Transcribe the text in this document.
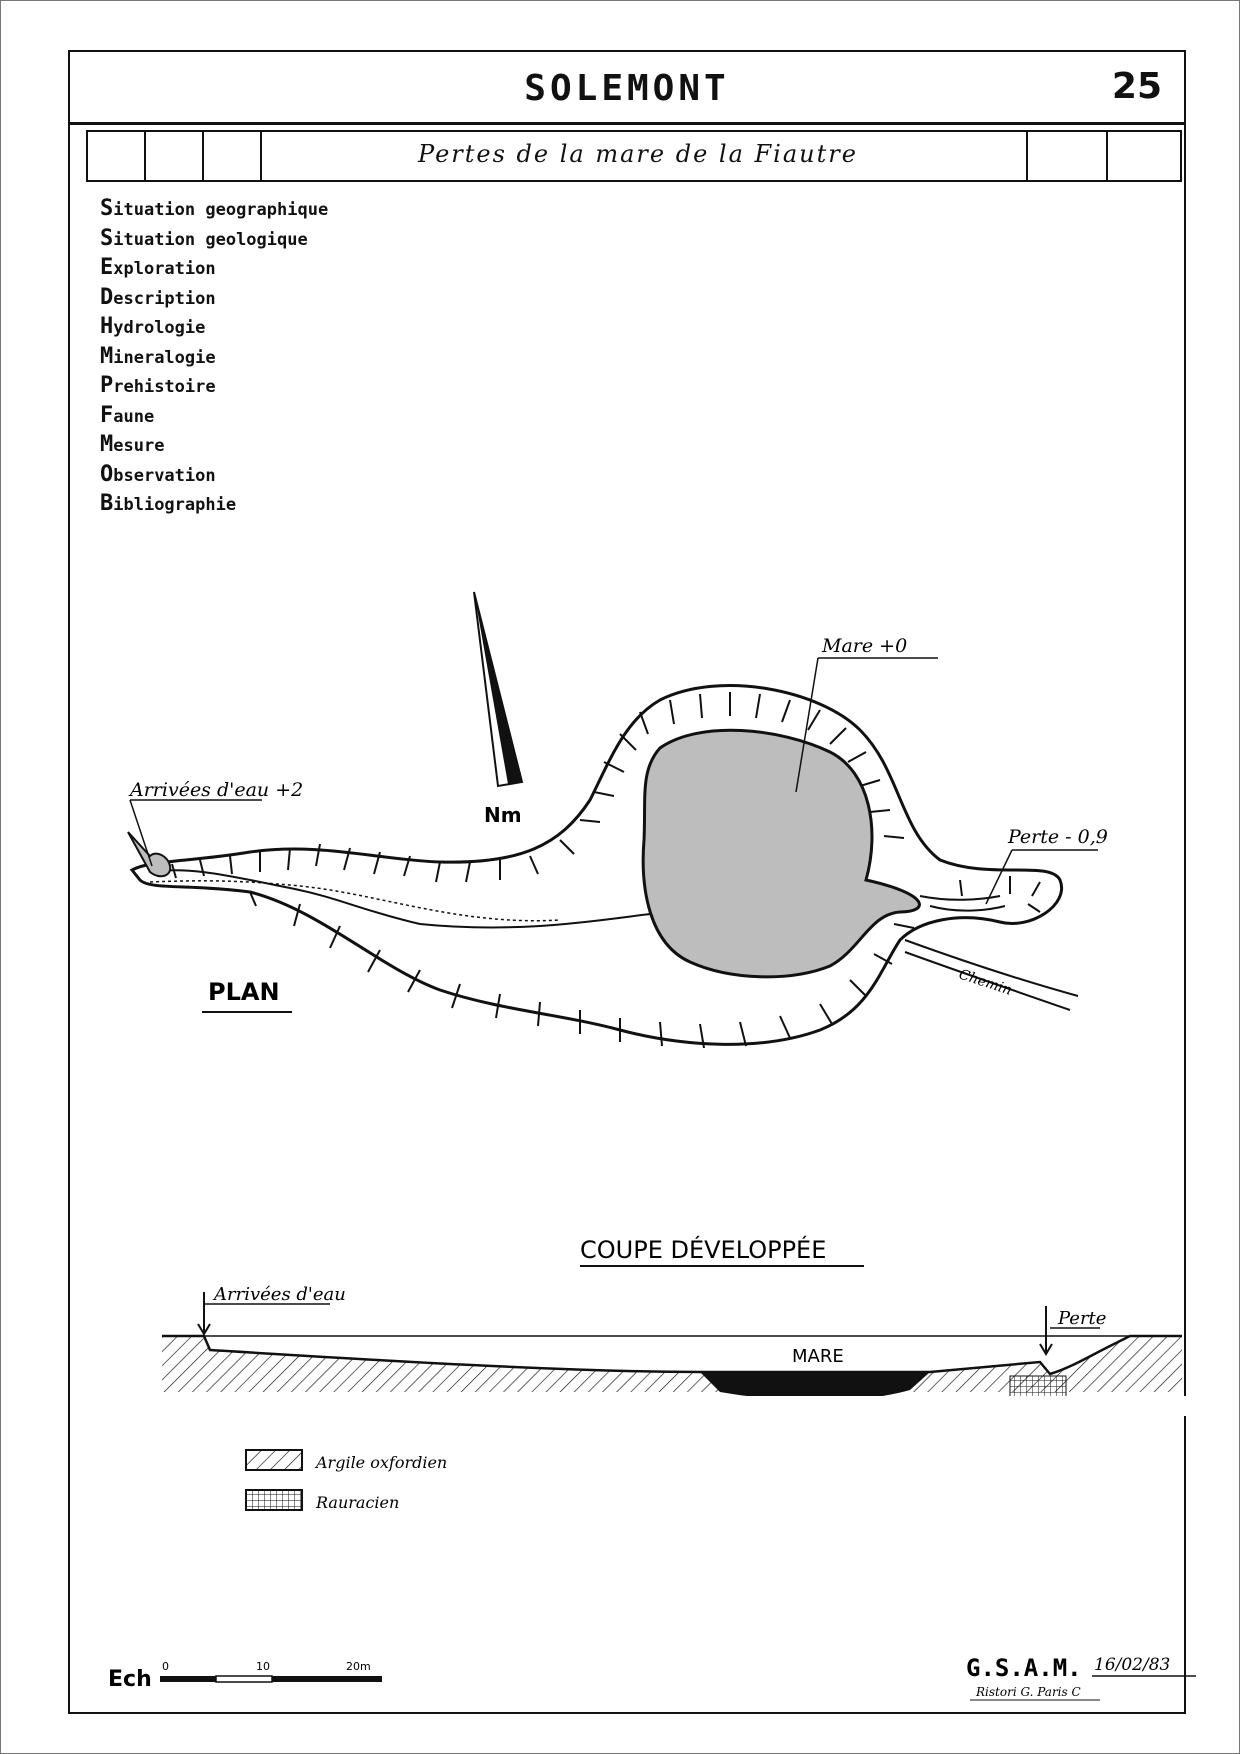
SOLEMONT	25
Pertes de la mare de la Fiautre
Situation geographique
Situation geologique
Exploration
Description
Hydrologie
Mineralogie
Prehistoire
Faune
Mesure
Observation
Bibliographie
Nm
Chemin
Mare +0
Arrivées d'eau +2
Perte - 0,9
PLAN
COUPE DÉVELOPPÉE
MARE
Arrivées d'eau
Perte
Argile oxfordien
Rauracien
Ech
0	10	20m	G.S.A.M. 16/02/83
Ristori G. Paris C
